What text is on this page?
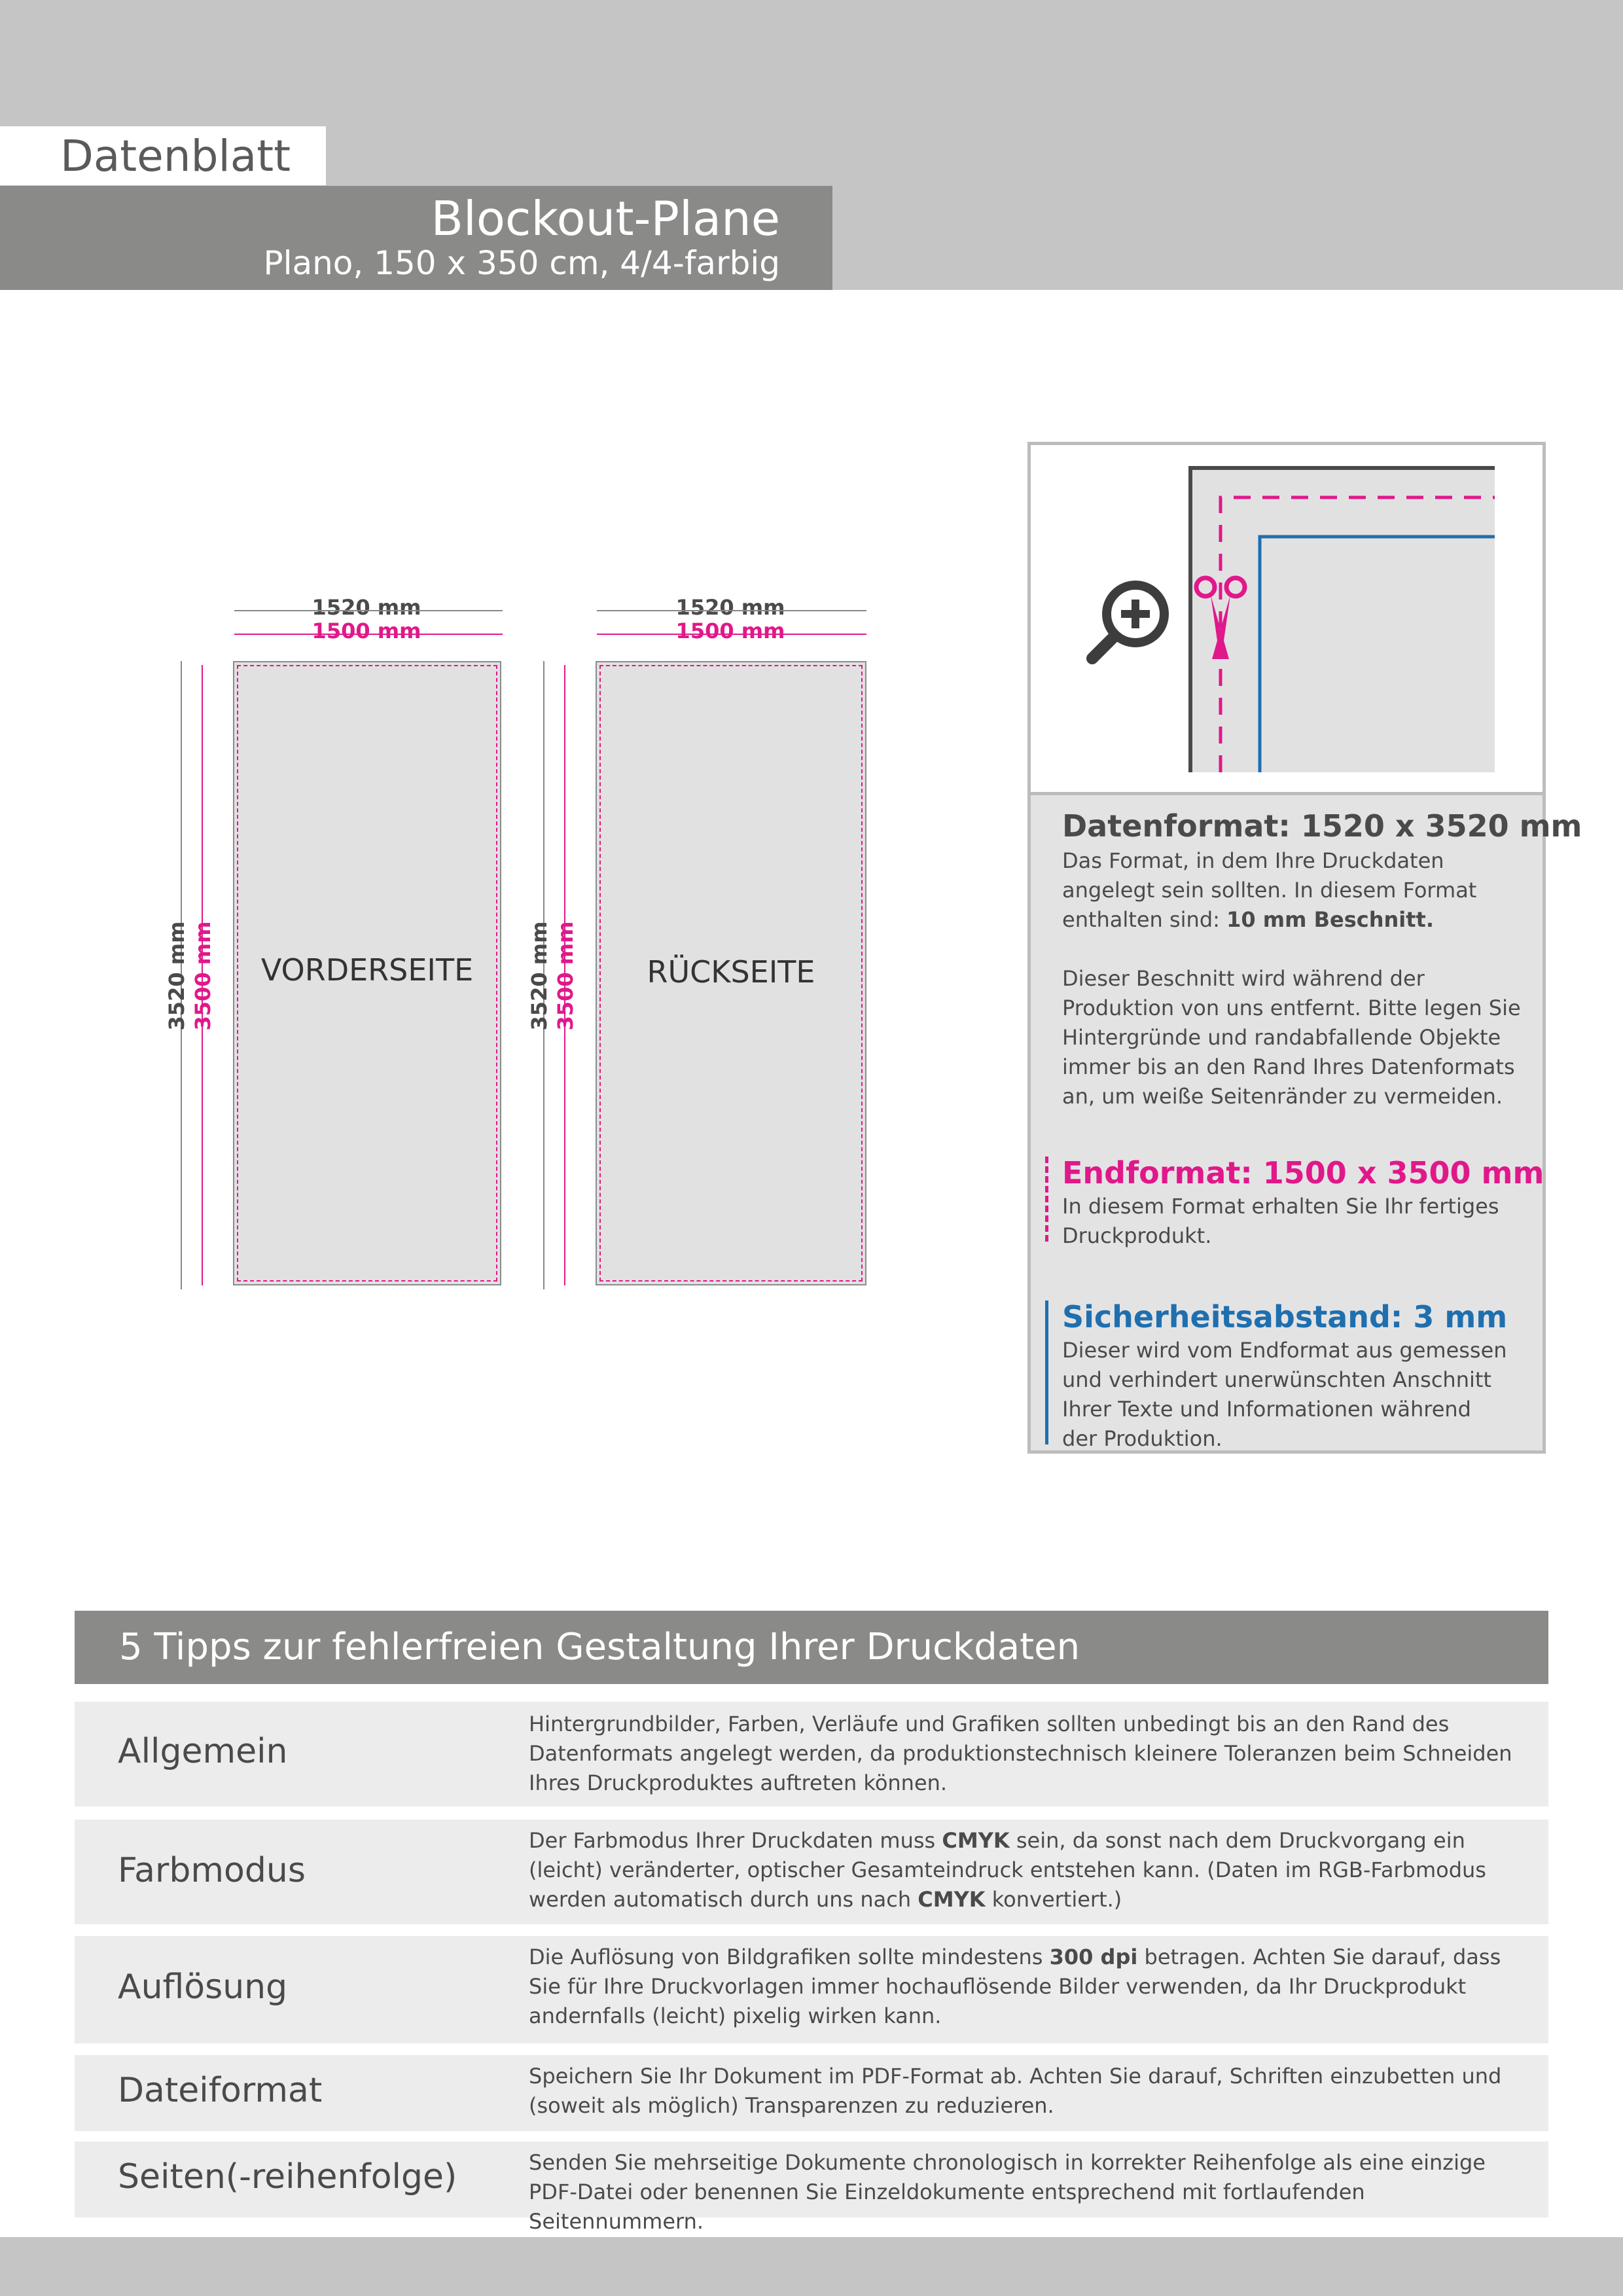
Datenblatt
Blockout-Plane
Plano, 150 x 350 cm, 4/4-farbig
1520 mm
1500 mm
VORDERSEITE
3520 mm 3500 mm
1520 mm
1500 mm
RÜCKSEITE
3520 mm 3500 mm
Datenformat: 1520 x 3520 mm
Das Format, in dem Ihre Druckdaten angelegt sein sollten. In diesem Format enthalten sind: 10 mm Beschnitt.
Dieser Beschnitt wird während der Produktion von uns entfernt. Bitte legen Sie Hintergründe und randabfallende Objekte immer bis an den Rand Ihres Datenformats an, um weiße Seitenränder zu vermeiden.
Endformat: 1500 x 3500 mm
In diesem Format erhalten Sie Ihr fertiges Druckprodukt.
Sicherheitsabstand: 3 mm
Dieser wird vom Endformat aus gemessen und verhindert unerwünschten Anschnitt Ihrer Texte und Informationen während der Produktion.
5 Tipps zur fehlerfreien Gestaltung Ihrer Druckdaten
Allgemein
Hintergrundbilder, Farben, Verläufe und Grafiken sollten unbedingt bis an den Rand des Datenformats angelegt werden, da produktionstechnisch kleinere Toleranzen beim Schneiden Ihres Druckproduktes auftreten können.
Farbmodus
Der Farbmodus Ihrer Druckdaten muss CMYK sein, da sonst nach dem Druckvorgang ein (leicht) veränderter, optischer Gesamteindruck entstehen kann. (Daten im RGB-Farbmodus werden automatisch durch uns nach CMYK konvertiert.)
Auflösung
Die Auflösung von Bildgrafiken sollte mindestens 300 dpi betragen. Achten Sie darauf, dass Sie für Ihre Druckvorlagen immer hochauflösende Bilder verwenden, da Ihr Druckprodukt andernfalls (leicht) pixelig wirken kann.
Dateiformat	Speichern Sie Ihr Dokument im PDF-Format ab. Achten Sie darauf, Schriften einzubetten und (soweit als möglich) Transparenzen zu reduzieren.
Seiten(-reihenfolge)	Senden Sie mehrseitige Dokumente chronologisch in korrekter Reihenfolge als eine einzige PDF-Datei oder benennen Sie Einzeldokumente entsprechend mit fortlaufenden Seitennummern.
